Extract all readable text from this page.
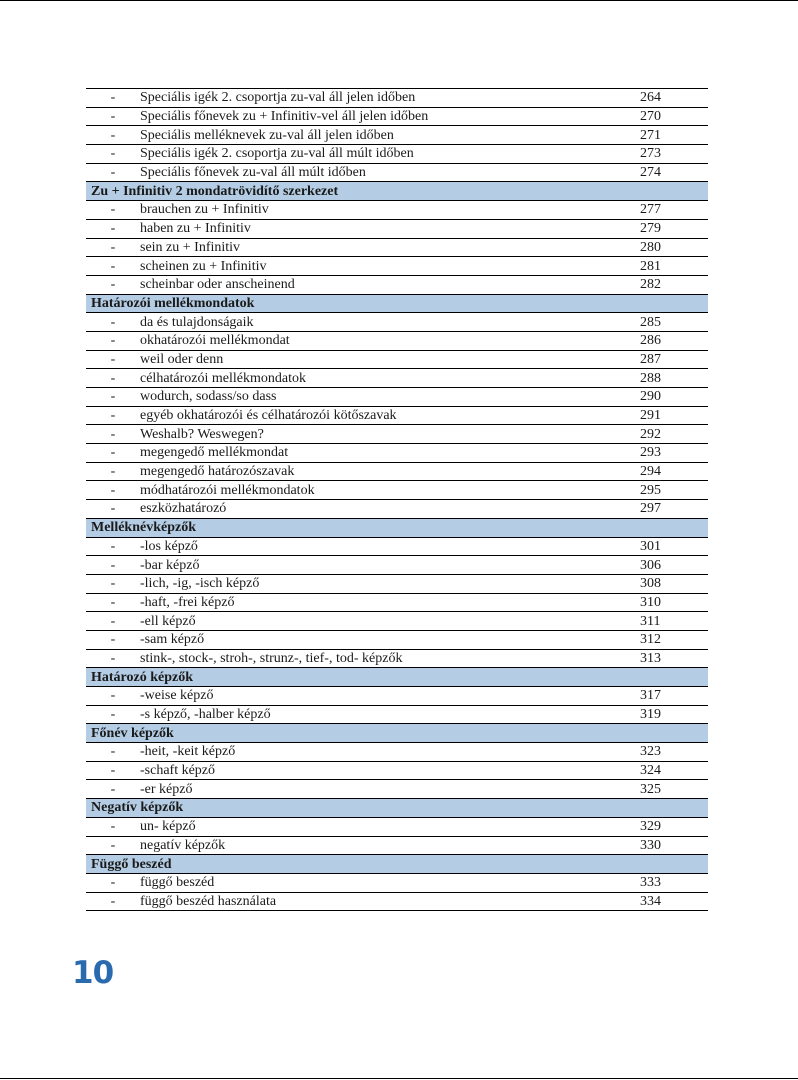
-	Speciális igék 2. csoportja zu-val áll jelen időben	264
-	Speciális főnevek zu + Infinitiv-vel áll jelen időben	270
-	Speciális melléknevek zu-val áll jelen időben	271
-	Speciális igék 2. csoportja zu-val áll múlt időben	273
-	Speciális főnevek zu-val áll múlt időben	274
Zu + Infinitiv 2 mondatrövidítő szerkezet		
-	brauchen zu + Infinitiv	277
-	haben zu + Infinitiv	279
-	sein zu + Infinitiv	280
-	scheinen zu + Infinitiv	281
-	scheinbar oder anscheinend	282
Határozói mellékmondatok		
-	da és tulajdonságaik	285
-	okhatározói mellékmondat	286
-	weil oder denn	287
-	célhatározói mellékmondatok	288
-	wodurch, sodass/so dass	290
-	egyéb okhatározói és célhatározói kötőszavak	291
-	Weshalb? Weswegen?	292
-	megengedő mellékmondat	293
-	megengedő határozószavak	294
-	módhatározói mellékmondatok	295
-	eszközhatározó	297
Melléknévképzők		
-	-los képző	301
-	-bar képző	306
-	-lich, -ig, -isch képző	308
-	-haft, -frei képző	310
-	-ell képző	311
-	-sam képző	312
-	stink-, stock-, stroh-, strunz-, tief-, tod- képzők	313
Határozó képzők		
-	-weise képző	317
-	-s képző, -halber képző	319
Főnév képzők		
-	-heit, -keit képző	323
-	-schaft képző	324
-	-er képző	325
Negatív képzők		
-	un- képző	329
-	negatív képzők	330
Függő beszéd		
-	függő beszéd	333
-	függő beszéd használata	334
10
